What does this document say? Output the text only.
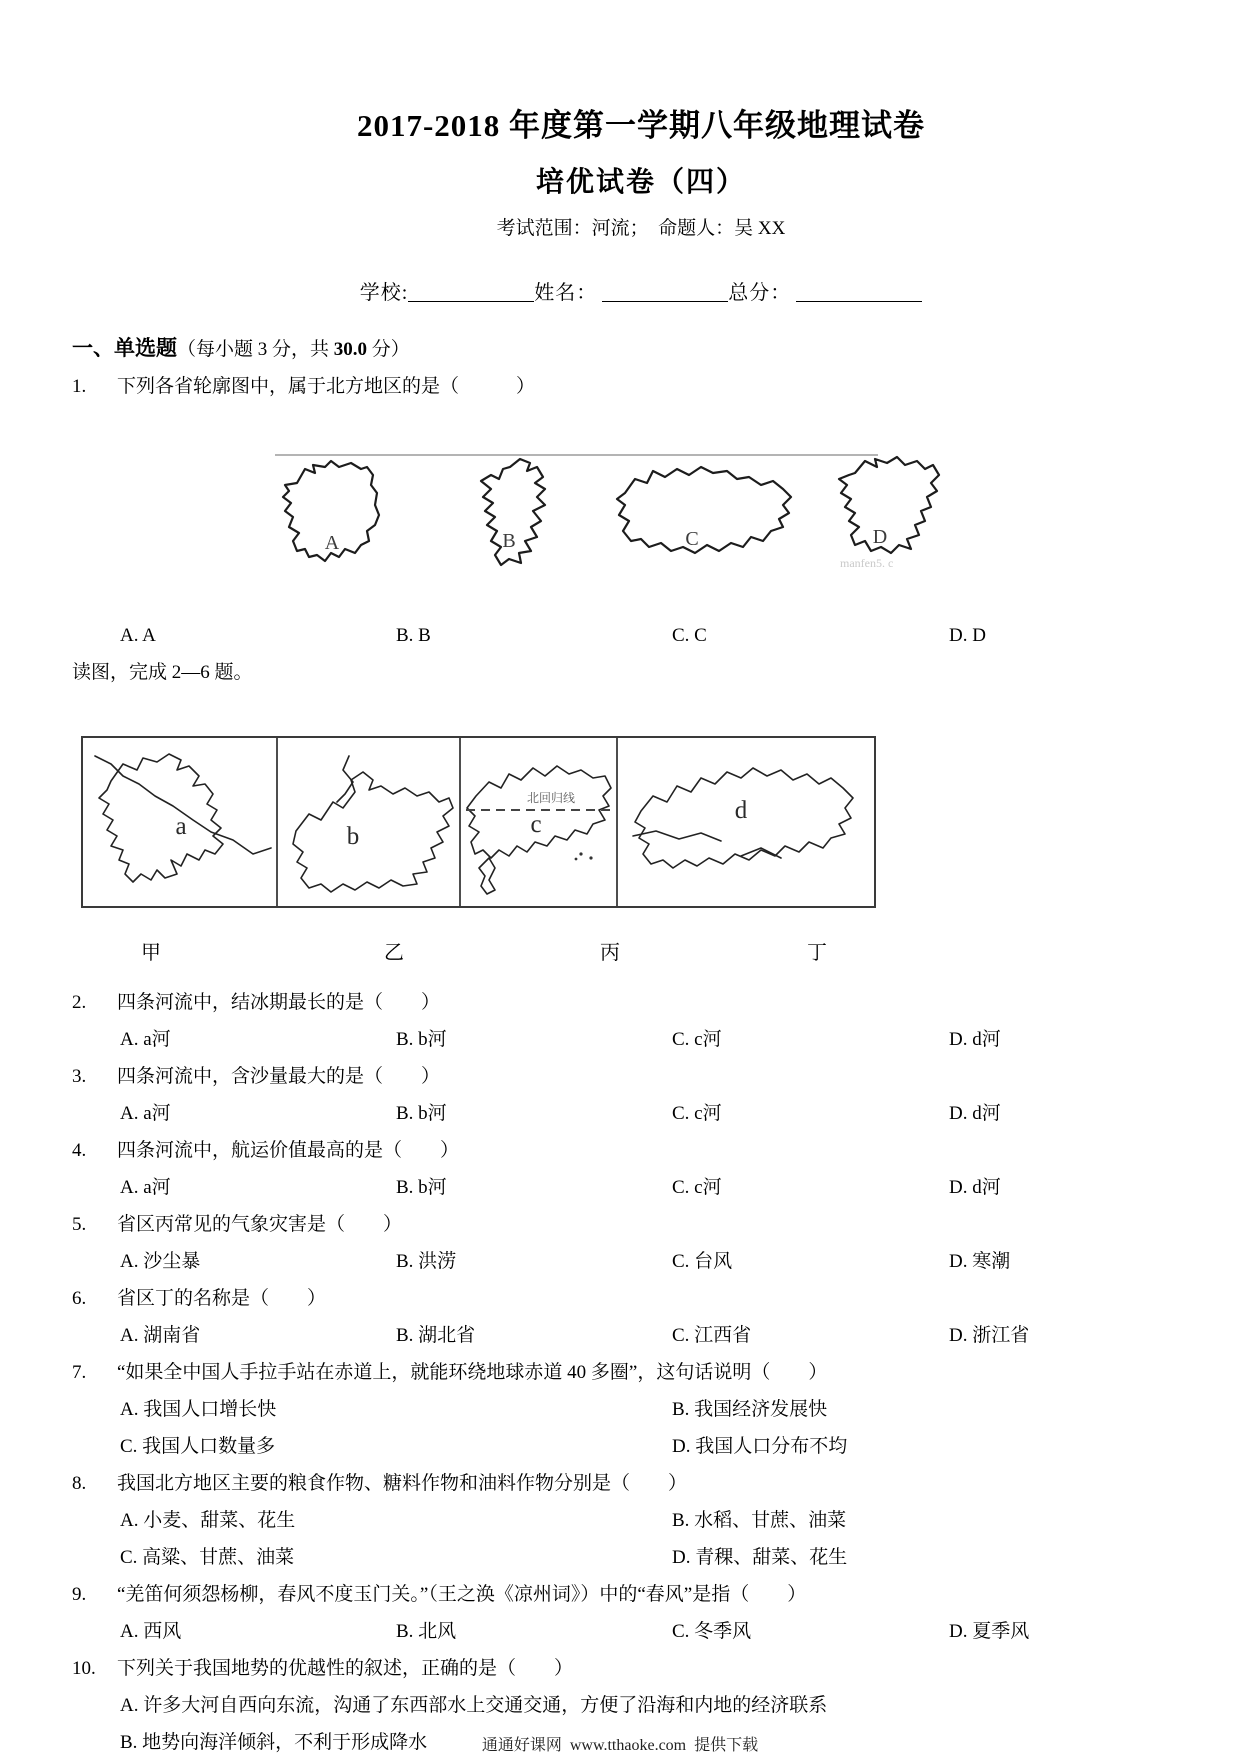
2017-2018 年度第一学期八年级地理试卷
培优试卷（四）
考试范围：河流；  命题人：吴 XX
学校:	姓名：	总分：
一、单选题（每小题 3 分，共 30.0 分）
1.	下列各省轮廓图中，属于北方地区的是（　　　）
A	B	C	D
manfen5. c
A. A	B. B	C. C	D. D
读图，完成 2—6 题。
北回归线
a	b	c
d
甲	乙	丙	丁
2.	四条河流中，结冰期最长的是（　　）
A. a河	B. b河	C. c河	D. d河
3.	四条河流中，含沙量最大的是（　　）
A. a河	B. b河	C. c河	D. d河
4.	四条河流中，航运价值最高的是（　　）
A. a河	B. b河	C. c河	D. d河
5.	省区丙常见的气象灾害是（　　）
A. 沙尘暴	B. 洪涝	C. 台风	D. 寒潮
6.	省区丁的名称是（　　）
A. 湖南省	B. 湖北省	C. 江西省	D. 浙江省
7.	“如果全中国人手拉手站在赤道上，就能环绕地球赤道 40 多圈”，这句话说明（　　）
A. 我国人口增长快	B. 我国经济发展快
C. 我国人口数量多	D. 我国人口分布不均
8.	我国北方地区主要的粮食作物、糖料作物和油料作物分别是（　　）
A. 小麦、甜菜、花生	B. 水稻、甘蔗、油菜
C. 高粱、甘蔗、油菜	D. 青稞、甜菜、花生
9.	“羌笛何须怨杨柳，春风不度玉门关。”（王之涣《凉州词》）中的“春风”是指（　　）
A. 西风	B. 北风	C. 冬季风	D. 夏季风
10.	下列关于我国地势的优越性的叙述，正确的是（　　）
A. 许多大河自西向东流，沟通了东西部水上交通交通，方便了沿海和内地的经济联系
B. 地势向海洋倾斜，不利于形成降水	通通好课网  www.tthaoke.com  提供下载
